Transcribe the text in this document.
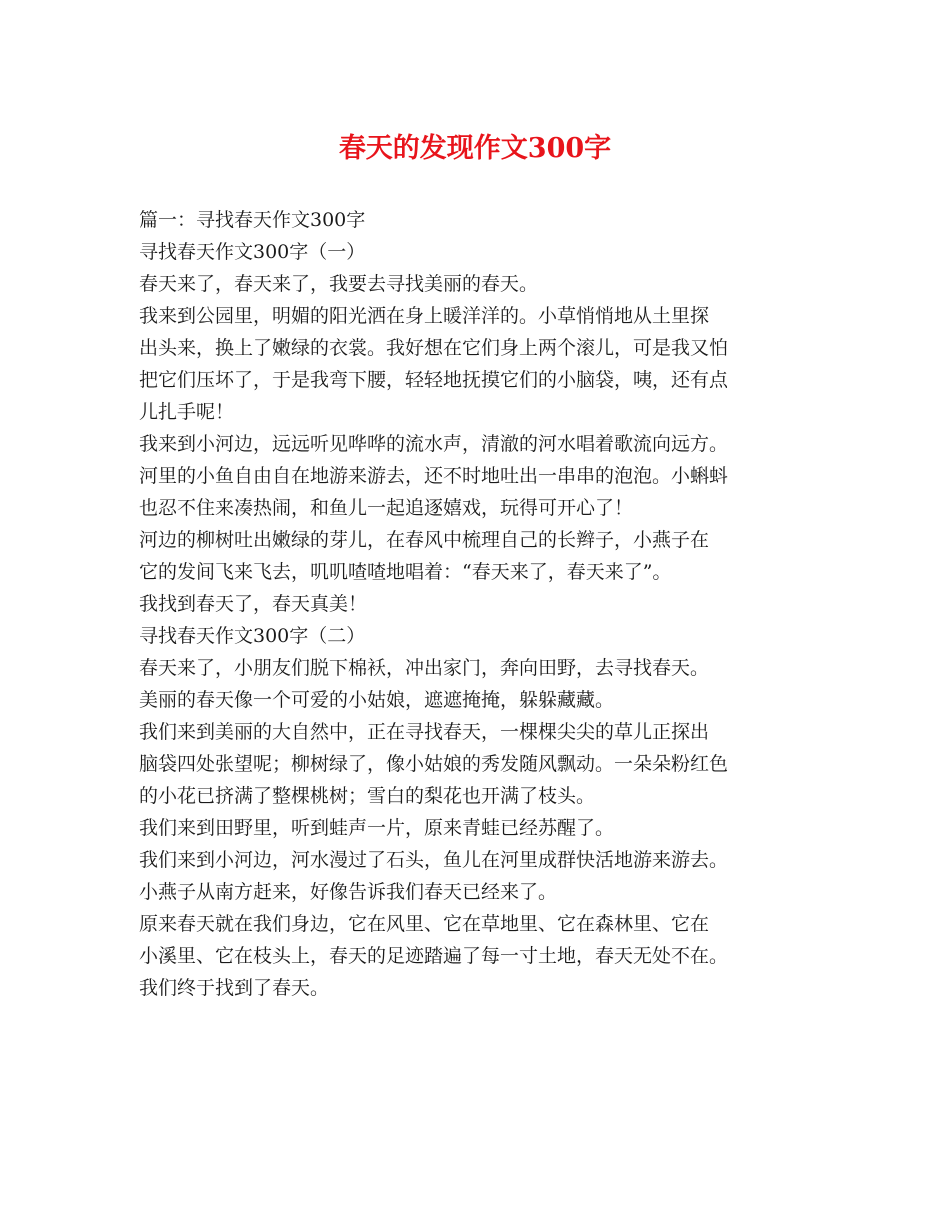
春天的发现作文300字
篇一：寻找春天作文300字
寻找春天作文300字（一）
春天来了，春天来了，我要去寻找美丽的春天。
我来到公园里，明媚的阳光洒在身上暖洋洋的。小草悄悄地从土里探
出头来，换上了嫩绿的衣裳。我好想在它们身上两个滚儿，可是我又怕
把它们压坏了，于是我弯下腰，轻轻地抚摸它们的小脑袋，咦，还有点
儿扎手呢！
我来到小河边，远远听见哗哗的流水声，清澈的河水唱着歌流向远方。
河里的小鱼自由自在地游来游去，还不时地吐出一串串的泡泡。小蝌蚪
也忍不住来凑热闹，和鱼儿一起追逐嬉戏，玩得可开心了！
河边的柳树吐出嫩绿的芽儿，在春风中梳理自己的长辫子，小燕子在
它的发间飞来飞去，叽叽喳喳地唱着：“春天来了，春天来了”。
我找到春天了，春天真美！
寻找春天作文300字（二）
春天来了，小朋友们脱下棉袄，冲出家门，奔向田野，去寻找春天。
美丽的春天像一个可爱的小姑娘，遮遮掩掩，躲躲藏藏。
我们来到美丽的大自然中，正在寻找春天，一棵棵尖尖的草儿正探出
脑袋四处张望呢；柳树绿了，像小姑娘的秀发随风飘动。一朵朵粉红色
的小花已挤满了整棵桃树；雪白的梨花也开满了枝头。
我们来到田野里，听到蛙声一片，原来青蛙已经苏醒了。
我们来到小河边，河水漫过了石头，鱼儿在河里成群快活地游来游去。
小燕子从南方赶来，好像告诉我们春天已经来了。
原来春天就在我们身边，它在风里、它在草地里、它在森林里、它在
小溪里、它在枝头上，春天的足迹踏遍了每一寸土地，春天无处不在。
我们终于找到了春天。
